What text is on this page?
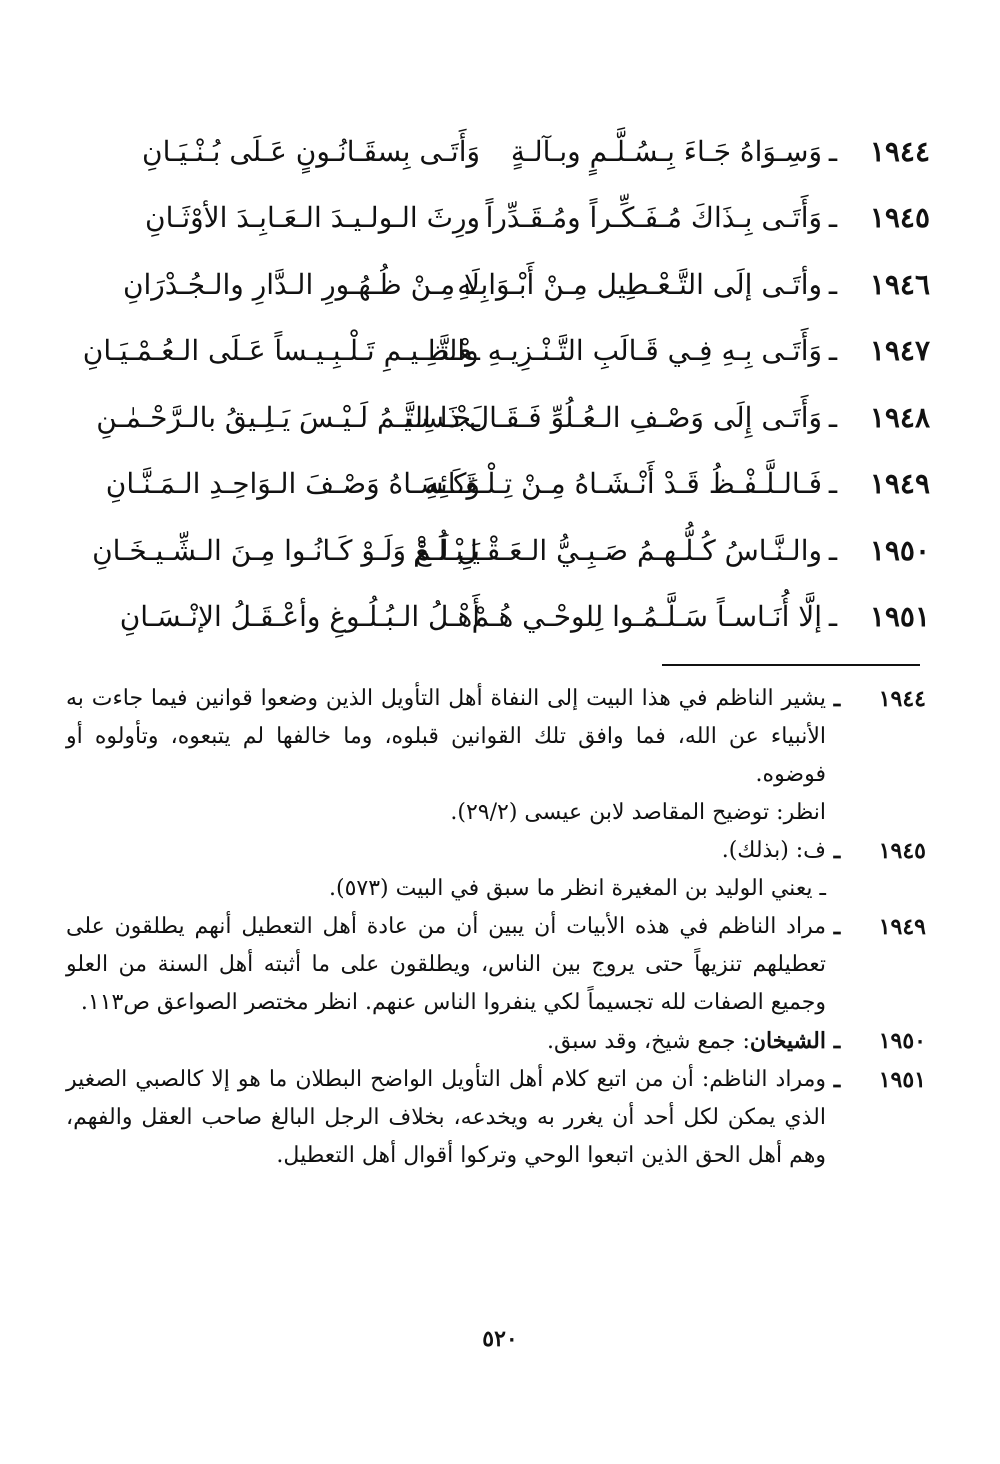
١٩٤٤
ـ
وَسِـوَاهُ جَـاءَ بِـسُـلَّـمٍ وبـآلـةٍ
وَأَتَـى بِسقَـانُـونٍ عَـلَى بُـنْـيَـانِ
١٩٤٥
ـ
وَأَتَـى بِـذَاكَ مُـفَـكِّـراً ومُـقَـدِّراً
ورِثَ الـولـيـدَ الـعَـابِـدَ الأوْثَـانِ
١٩٤٦
ـ
وأتَـى إلَى التَّـعْـطِيل مِـنْ أَبْـوَابِـهِ
لَا مِـنْ ظُـهُـورِ الـدَّارِ والـجُـدْرَانِ
١٩٤٧
ـ
وَأَتَـى بِـهِ فِـي قَـالَبِ التَّـنْـزِيـهِ والتَّـ
ـعْـظِـيـمِ تَـلْـبِـيـساً عَـلَى الـعُـمْـيَـانِ
١٩٤٨
ـ
وَأَتَـى إِلَى وَصْـفِ الـعُـلُوِّ فَـقَـالَ ذَا التَّـ
ـجْـسِـيـمُ لَـيْـسَ يَـلِـيقُ بالـرَّحْـمٰـنِ
١٩٤٩
ـ
فَـالـلَّـفْـظُ قَـدْ أَنْـشَـاهُ مِـنْ تِـلْـقَـائِهِ
وَكَـسَـاهُ وَصْـفَ الـوَاحِـدِ الـمَـنَّـانِ
١٩٥٠
ـ
والـنَّـاسُ كُـلُّـهـمُ صَـبِـيُّ الـعَـقْـلِ لَـمْ
يَـبْـلُـغْ وَلَـوْ كَـانُـوا مِـنَ الـشِّـيـخَـانِ
١٩٥١
ـ
إلَّا أُنَـاسـاً سَـلَّـمُـوا لِلوحْـي هُـمْ
أَهْـلُ الـبُـلُـوغِ وأعْـقَـلُ الإنْـسَـانِ
١٩٤٤
ـ
يشير الناظم في هذا البيت إلى النفاة أهل التأويل الذين وضعوا قوانين فيما جاءت به الأنبياء عن الله، فما وافق تلك القوانين قبلوه، وما خالفها لم يتبعوه، وتأولوه أو فوضوه.
انظر: توضيح المقاصد لابن عيسى (٢٩/٢).
١٩٤٥
ـ
ف: (بذلك).
ـ يعني الوليد بن المغيرة انظر ما سبق في البيت (٥٧٣).
١٩٤٩
ـ
مراد الناظم في هذه الأبيات أن يبين أن من عادة أهل التعطيل أنهم يطلقون على تعطيلهم تنزيهاً حتى يروج بين الناس، ويطلقون على ما أثبته أهل السنة من العلو وجميع الصفات لله تجسيماً لكي ينفروا الناس عنهم. انظر مختصر الصواعق ص١١٣.
١٩٥٠
ـ
الشيخان: جمع شيخ، وقد سبق.
١٩٥١
ـ
ومراد الناظم: أن من اتبع كلام أهل التأويل الواضح البطلان ما هو إلا كالصبي الصغير الذي يمكن لكل أحد أن يغرر به ويخدعه، بخلاف الرجل البالغ صاحب العقل والفهم، وهم أهل الحق الذين اتبعوا الوحي وتركوا أقوال أهل التعطيل.
٥٢٠
